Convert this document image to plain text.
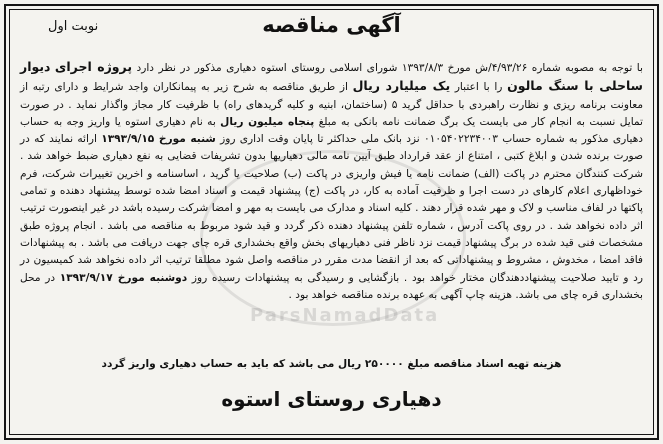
ParsNamadData
نوبت اول	آگهی مناقصه
با توجه به مصوبه شماره ۴/۹۳/۲۶/ش مورخ ۱۳۹۳/۸/۳ شورای اسلامی روستای استوه دهیاری مذکور در نظر دارد پروژه اجرای دیوار ساحلی با سنگ مالون را با اعتبار یک میلیارد ریال از طریق مناقصه به شرح زیر به پیمانکاران واجد شرایط و دارای رتبه از معاونت برنامه ریزی و نظارت راهبردی با حداقل گرید ۵ (ساختمان، ابنیه و کلیه گریدهای راه) با ظرفیت کار مجاز واگذار نماید . در صورت تمایل نسبت به انجام کار می بایست یک برگ ضمانت نامه بانکی به مبلغ پنجاه میلیون ریال به نام دهیاری استوه یا واریز وجه به حساب دهیاری مذکور به شماره حساب ۰۱۰۵۴۰۲۲۳۴۰۰۳ نزد بانک ملی حداکثر تا پایان وقت اداری روز شنبه مورخ ۱۳۹۳/۹/۱۵ ارائه نمایند که در صورت برنده شدن و ابلاغ کتبی ، امتناع از عقد قرارداد طبق آیین نامه مالی دهیاریها بدون تشریفات قضایی به نفع دهیاری ضبط خواهد شد . شرکت کنندگان محترم در پاکت (الف) ضمانت نامه یا فیش واریزی در پاکت (ب) صلاحیت یا گرید ، اساسنامه و اخرین تغییرات شرکت، فرم خوداظهاری اعلام کارهای در دست اجرا و ظرفیت آماده به کار، در پاکت (ج) پیشنهاد قیمت و اسناد امضا شده توسط پیشنهاد دهنده و تمامی پاکتها در لفاف مناسب و لاک و مهر شده قرار دهند . کلیه اسناد و مدارک می بایست به مهر و امضا شرکت رسیده باشد در غیر اینصورت ترتیب اثر داده نخواهد شد . در روی پاکت آدرس ، شماره تلفن پیشنهاد دهنده ذکر گردد و قید شود مربوط به مناقصه می باشد . انجام پروژه طبق مشخصات فنی قید شده در برگ پیشنهاد قیمت نزد ناظر فنی دهیاریهای بخش واقع بخشداری قره چای جهت دریافت می باشد . به پیشنهادات فاقد امضا ، مخدوش ، مشروط و پیشنهاداتی که بعد از انقضا مدت مقرر در مناقصه واصل شود مطلقا ترتیب اثر داده نخواهد شد کمیسیون در رد و تایید صلاحیت پیشنهاددهندگان مختار خواهد بود . بازگشایی و رسیدگی به پیشنهادات رسیده روز دوشنبه مورخ ۱۳۹۳/۹/۱۷ در محل بخشداری قره چای می باشد. هزینه چاپ آگهی به عهده برنده مناقصه خواهد بود .
هزینه تهیه اسناد مناقصه مبلغ ۲۵۰۰۰۰ ریال می باشد که باید به حساب دهیاری واریز گردد
دهیاری روستای استوه
